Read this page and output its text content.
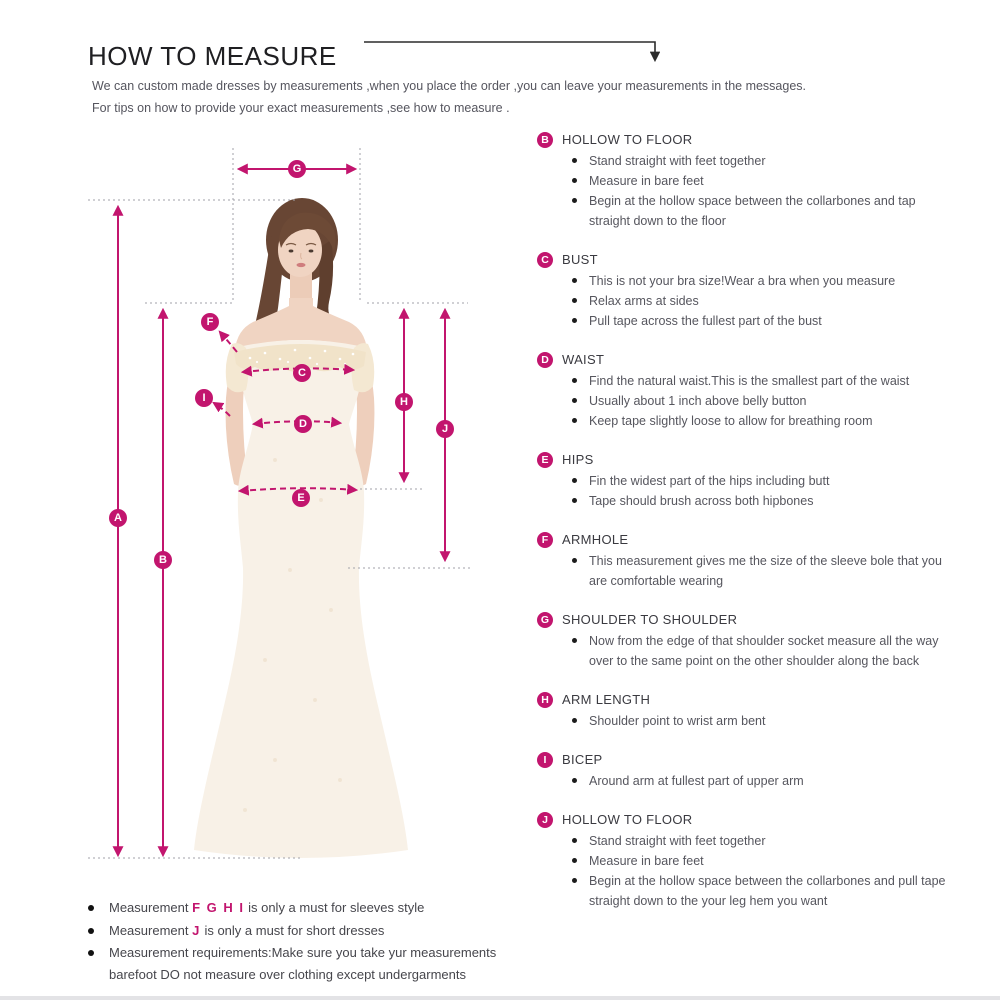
HOW TO MEASURE
We can custom made dresses by measurements ,when you place the order ,you can leave your measurements in the messages.
For tips on how to provide your exact measurements ,see how to measure .
A
B
C
D
E
F
G
H
I
J
B	HOLLOW TO FLOOR
Stand straight with feet together
Measure in bare feet
Begin at the hollow space between the collarbones and tap straight down to the floor
C	BUST
This is not your bra size!Wear a bra when you measure
Relax arms at sides
Pull tape across the fullest part of the bust
D	WAIST
Find the natural waist.This is the smallest part of the waist
Usually about 1 inch above belly button
Keep tape slightly loose to allow for breathing room
E	HIPS
Fin the widest part of the hips including butt
Tape should brush across both hipbones
F	ARMHOLE
This measurement gives me the size of the sleeve bole that you are comfortable wearing
G SHOULDER TO SHOULDER
Now from the edge of that shoulder socket measure all the way over to the same point on the other shoulder along the back
H	ARM LENGTH
Shoulder point to wrist arm bent
I	BICEP
Around arm at fullest part of upper arm
J	HOLLOW TO FLOOR
Stand straight with feet together
Measure in bare feet
Begin at the hollow space between the collarbones and pull tape straight down to the your leg hem you want
Measurement F G H I is only a must for sleeves style
Measurement J is only a must for short dresses
Measurement requirements:Make sure you take yur measurements barefoot DO not measure over clothing except undergarments
